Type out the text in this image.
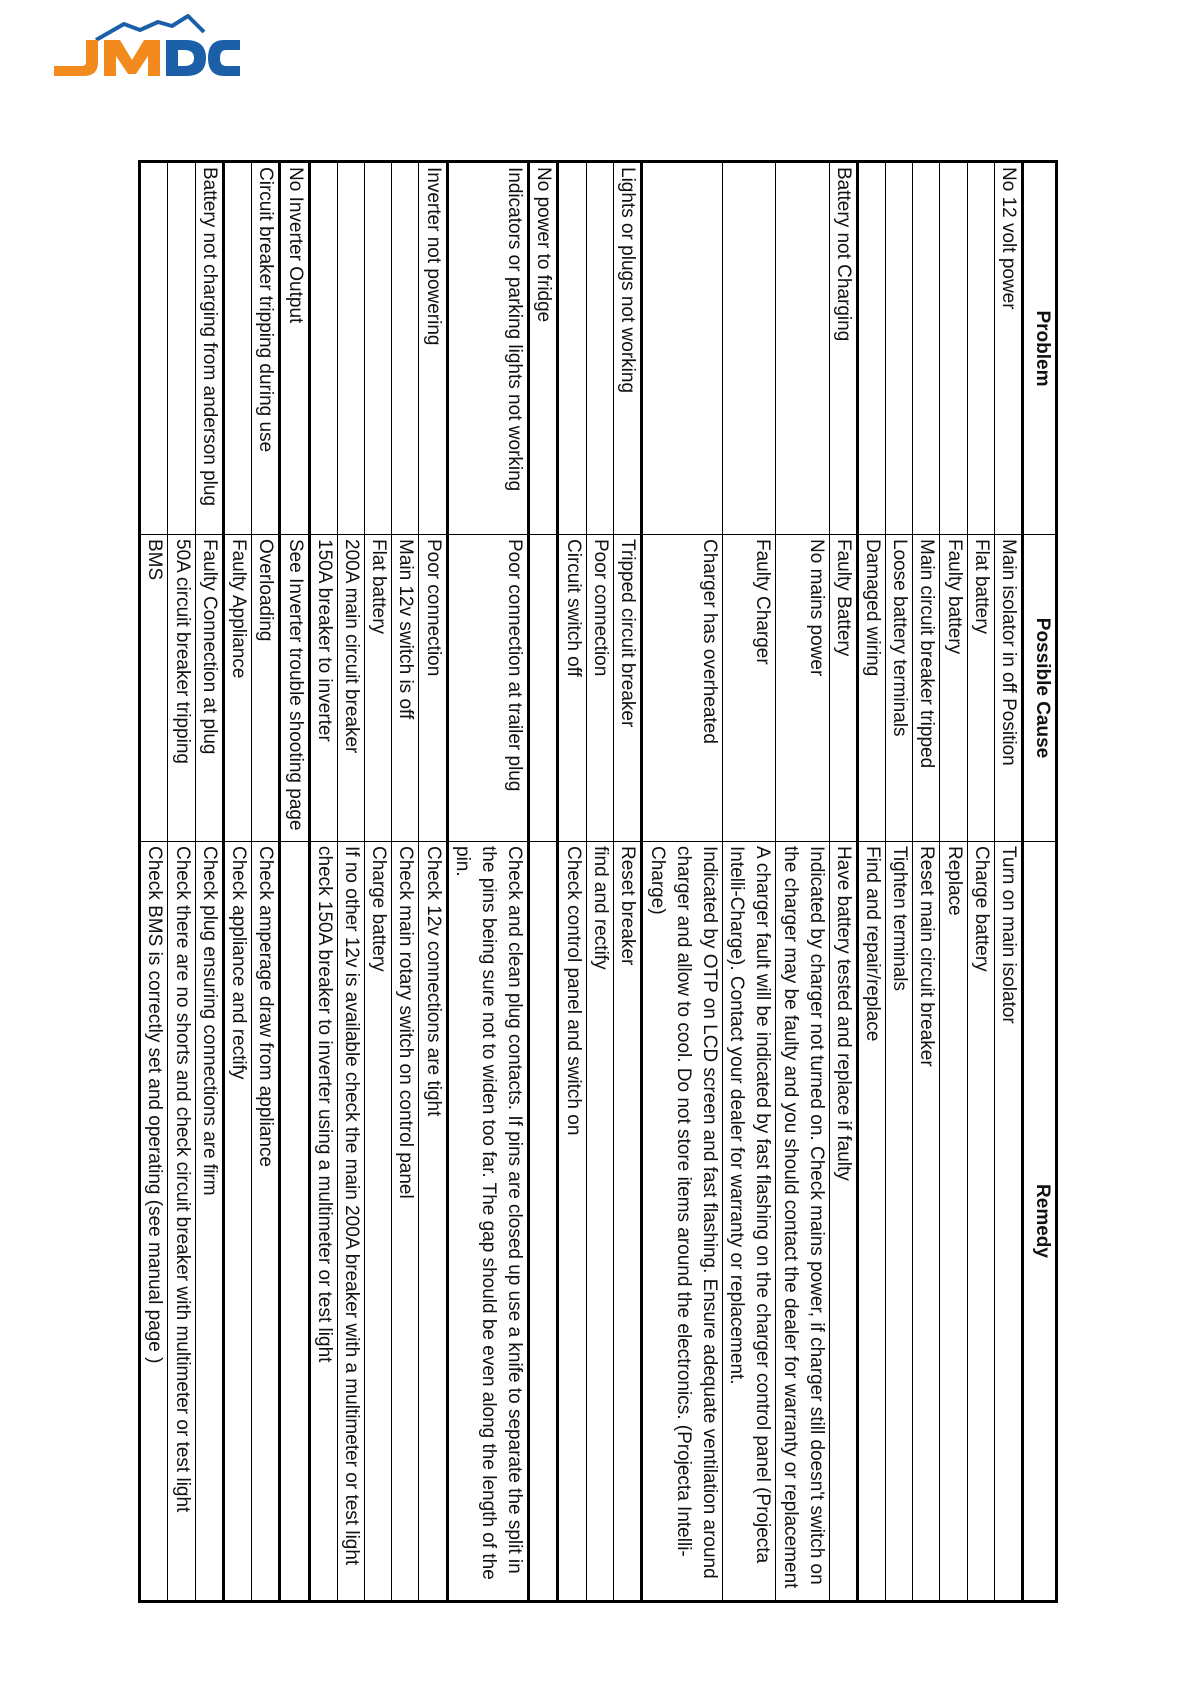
Problem	Possible Cause	Remedy
No 12 volt power	Main isolator in off Position	Turn on main isolator
	Flat battery	Charge battery
	Faulty battery	Replace
	Main circuit breaker tripped	Reset main circuit breaker
	Loose battery terminals	Tighten terminals
	Damaged wiring	Find and repair/replace
Battery not Charging	Faulty Battery	Have battery tested and replace if faulty
	No mains power	Indicated by charger not turned on. Check mains power, if charger still doesn't switch on the charger may be faulty and you should contact the dealer for warranty or replacement
	Faulty Charger	A charger fault will be indicated by fast flashing on the charger control panel (Projecta Intelli-Charge). Contact your dealer for warranty or replacement.
	Charger has overheated	Indicated by OTP on LCD screen and fast flashing. Ensure adequate ventilation around charger and allow to cool. Do not store items around the electronics. (Projecta Intelli-Charge)
Lights or plugs not working	Tripped circuit breaker	Reset breaker
	Poor connection	find and rectify
	Circuit switch off	Check control panel and switch on
No power to fridge		
Indicators or parking lights not working	Poor connection at trailer plug	Check and clean plug contacts. If pins are closed up use a knife to separate the split in the pins being sure not to widen too far. The gap should be even along the length of the pin.
Inverter not powering	Poor connection	Check 12v connections are tight
	Main 12v switch is off	Check main rotary switch on control panel
	Flat battery	Charge battery
	200A main circuit breaker	If no other 12v is available check the main 200A breaker with a multimeter or test light
	150A breaker to inverter	check 150A breaker to inverter using a multimeter or test light
No Inverter Output	See Inverter trouble shooting page	
Circuit breaker tripping during use	Overloading	Check amperage draw from appliance
	Faulty Appliance	Check appliance and rectify
Battery not charging from anderson plug	Faulty Connection at plug	Check plug ensuring connections are firm
	50A circuit breaker tripping	Check there are no shorts and check circuit breaker with multimeter or test light
	BMS	Check BMS is correctly set and operating (see manual page )
